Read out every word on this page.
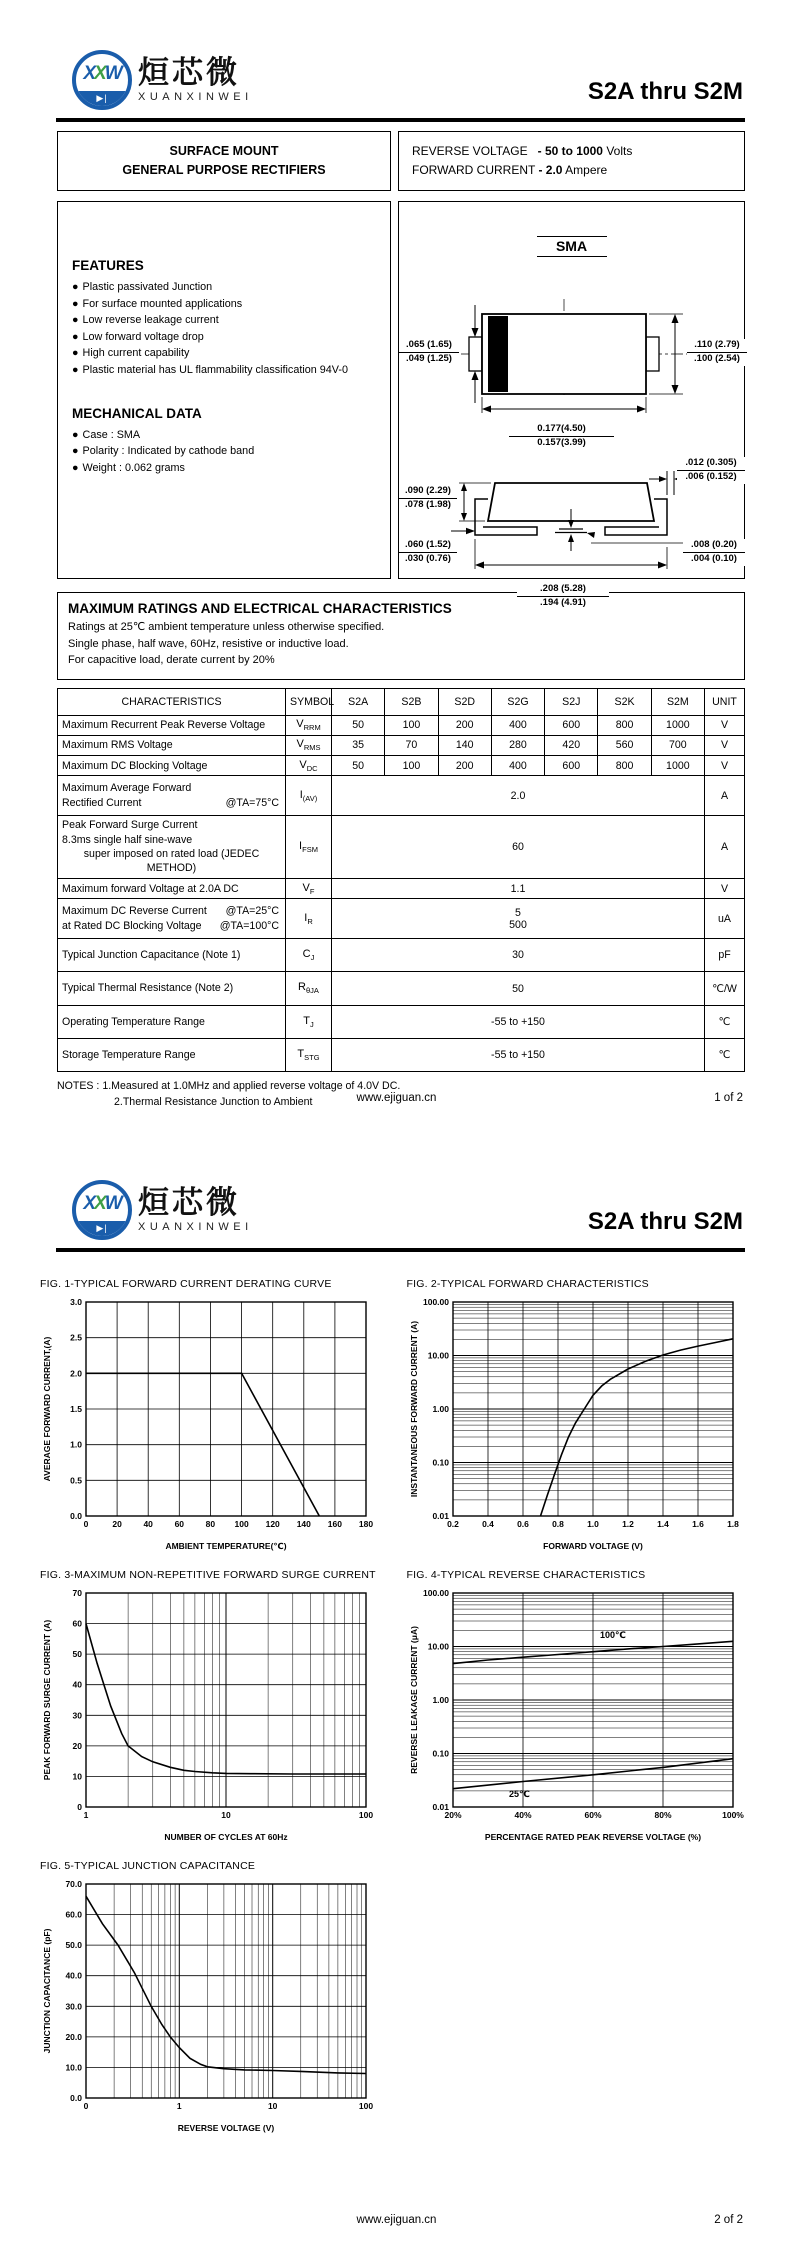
XXW
▶|
烜芯微
XUANXINWEI	S2A thru S2M
SURFACE MOUNT
GENERAL PURPOSE RECTIFIERS
REVERSE VOLTAGE - 50 to 1000 Volts
FORWARD CURRENT - 2.0 Ampere
FEATURES
● Plastic passivated Junction
● For surface mounted applications
● Low reverse leakage current
● Low forward voltage drop
● High current capability
● Plastic material has UL flammability classification 94V-0
MECHANICAL DATA
● Case : SMA
● Polarity : Indicated by cathode band
● Weight : 0.062 grams
SMA
$\frac{.065 (1.65)}{.049 (1.25)}$	$\frac{.110 (2.79)}{.100 (2.54)}$
$\frac{0.177(4.50)}{0.157(3.99)}$
$\frac{.012 (0.305)}{.006 (0.152)}$
$\frac{.090 (2.29)}{.078 (1.98)}$
$\frac{.060 (1.52)}{.030 (0.76)}$	$\frac{.008 (0.20)}{.004 (0.10)}$
$\frac{.208 (5.28)}{.194 (4.91)}$
MAXIMUM RATINGS AND ELECTRICAL CHARACTERISTICS

Ratings at 25℃ ambient temperature unless otherwise specified.

Single phase, half wave, 60Hz, resistive or inductive load.

For capacitive load, derate current by 20%

CHARACTERISTICS	SYMBOL	S2A	S2B	S2D	S2G	S2J	S2K	S2M	UNIT

Maximum Recurrent Peak Reverse Voltage	$V_{RRM}$	50	100	200	400	600	800	1000	V

Maximum RMS Voltage	$V_{RMS}$	35	70	140	280	420	560	700	V

Maximum DC Blocking Voltage	$V_{DC}$	50	100	200	400	600	800	1000	V

Maximum Average Forward
Rectified Current @TA=75°C	$I_{(AV)}$	2.0							A

Peak Forward Surge Current
8.3ms single half sine-wave
super imposed on rated load (JEDEC METHOD)	$I_{FSM}$	60							A

Maximum forward Voltage at 2.0A DC	$V_F$	1.1							V

Maximum DC Reverse Current @TA=25°C
at Rated DC Blocking Voltage @TA=100°C
	$I_R$	5
500	uA

Typical Junction Capacitance (Note 1)	$C_J$	30							pF

Typical Thermal Resistance (Note 2)	$R_{\theta JA}$	50							℃/W

Operating Temperature Range	$T_J$	-55 to +150							℃

Storage Temperature Range	$T_{STG}$	-55 to +150							℃
NOTES : 1.Measured at 1.0MHz and applied reverse voltage of 4.0V DC.
2.Thermal Resistance Junction to Ambient	www.ejiguan.cn	1 of 2
XXW
▶|
烜芯微
XUANXINWEI	S2A thru S2M
FIG. 1-TYPICAL FORWARD CURRENT DERATING CURVE
0	20	40	60	80 100 120 140 160 180
0.0
0.5
1.0
1.5
2.0
2.5
3.0
AMBIENT TEMPERATURE(℃)
AVERAGE FORWARD CURRENT,(A)
FIG. 2-TYPICAL FORWARD CHARACTERISTICS
0.2	0.4	0.6	0.8	1.0	1.2	1.4	1.6	1.8
0.01
0.10
1.00
10.00
100.00
FORWARD VOLTAGE (V)
INSTANTANEOUS FORWARD CURRENT (A)
FIG. 3-MAXIMUM NON-REPETITIVE FORWARD SURGE CURRENT
1	10	100
0
10
20
30
40
50
60
70
NUMBER OF CYCLES AT 60Hz
PEAK FORWARD SURGE CURRENT (A)
FIG. 4-TYPICAL REVERSE CHARACTERISTICS
20%	40%	60%	80%	100%
0.01
0.10
1.00
10.00
100.00
PERCENTAGE RATED PEAK REVERSE VOLTAGE (%)
REVERSE LEAKAGE CURRENT (μA)	100℃
25℃
FIG. 5-TYPICAL JUNCTION CAPACITANCE
0	1	10	100
0.0
10.0
20.0
30.0
40.0
50.0
60.0
70.0
REVERSE VOLTAGE (V)
JUNCTION CAPACITANCE (pF)
www.ejiguan.cn	2 of 2
